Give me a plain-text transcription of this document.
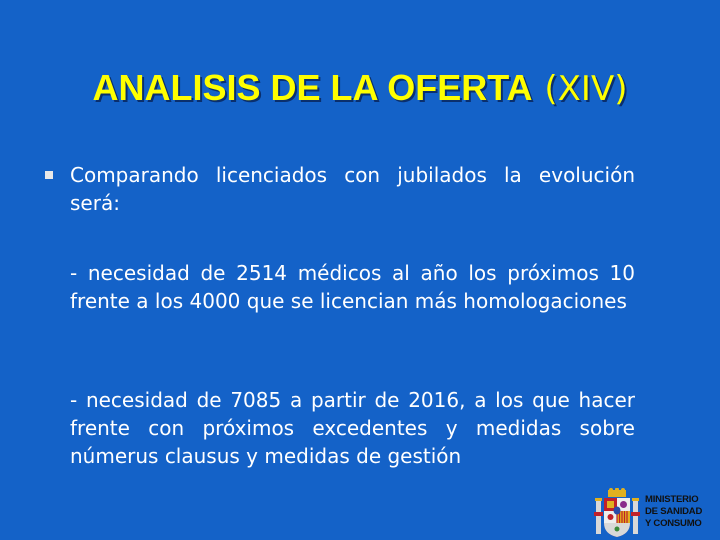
ANALISIS DE LA OFERTA (XIV)

Comparando licenciados con jubilados la evolución será:

- necesidad de 2514 médicos al año los próximos 10 frente a los 4000 que se licencian más homologaciones

- necesidad de 7085 a partir de 2016, a los que hacer frente con próximos excedentes y medidas sobre númerus clausus y medidas de gestión

MINISTERIO
DE SANIDAD
Y CONSUMO
